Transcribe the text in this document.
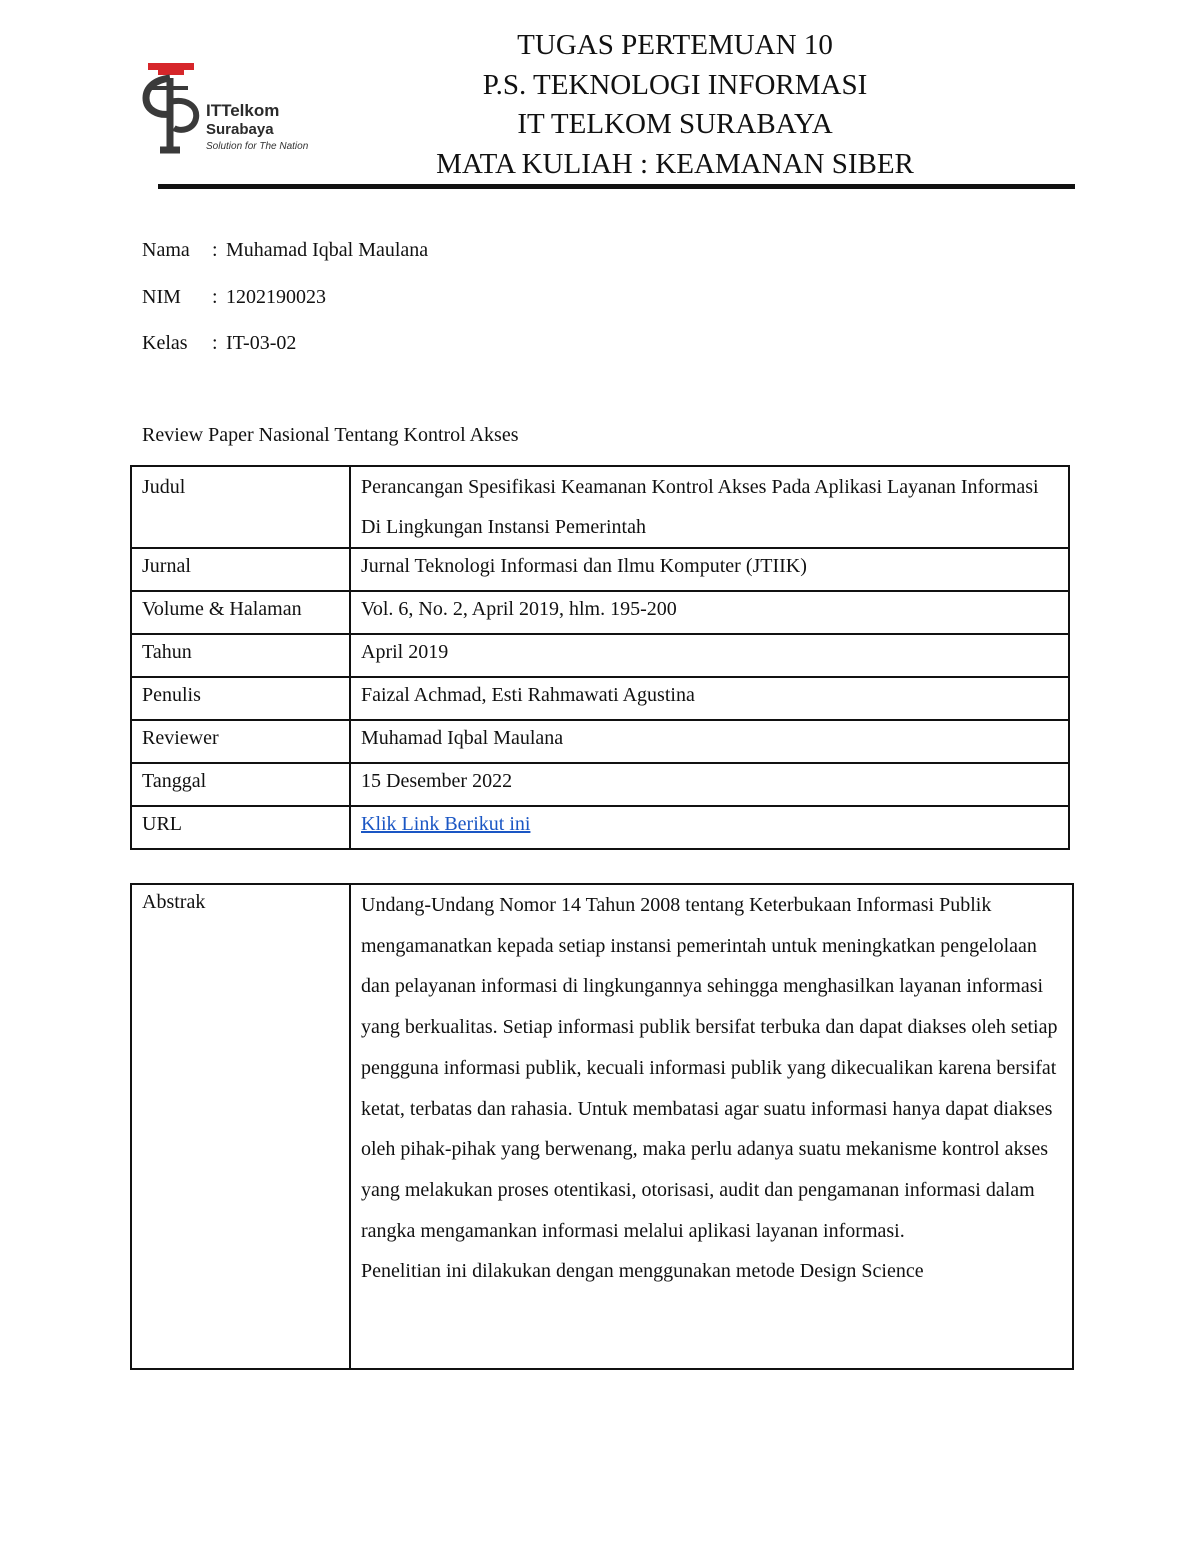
ITTelkom
Surabaya
Solution for The Nation
TUGAS PERTEMUAN 10
P.S. TEKNOLOGI INFORMASI
IT TELKOM SURABAYA
MATA KULIAH : KEAMANAN SIBER
Nama	: Muhamad Iqbal Maulana
NIM	: 1202190023
Kelas	: IT-03-02
Review Paper Nasional Tentang Kontrol Akses
Judul	Perancangan Spesifikasi Keamanan Kontrol Akses Pada Aplikasi Layanan Informasi Di Lingkungan Instansi Pemerintah
Jurnal	Jurnal Teknologi Informasi dan Ilmu Komputer (JTIIK)
Volume & Halaman	Vol. 6, No. 2, April 2019, hlm. 195-200
Tahun	April 2019
Penulis	Faizal Achmad, Esti Rahmawati Agustina
Reviewer	Muhamad Iqbal Maulana
Tanggal	15 Desember 2022
URL	Klik Link Berikut ini
Abstrak	Undang-Undang Nomor 14 Tahun 2008 tentang Keterbukaan Informasi Publik mengamanatkan kepada setiap instansi pemerintah untuk meningkatkan pengelolaan dan pelayanan informasi di lingkungannya sehingga menghasilkan layanan informasi yang berkualitas. Setiap informasi publik bersifat terbuka dan dapat diakses oleh setiap pengguna informasi publik, kecuali informasi publik yang dikecualikan karena bersifat ketat, terbatas dan rahasia. Untuk membatasi agar suatu informasi hanya dapat diakses oleh pihak-pihak yang berwenang, maka perlu adanya suatu mekanisme kontrol akses yang melakukan proses otentikasi, otorisasi, audit dan pengamanan informasi dalam rangka mengamankan informasi melalui aplikasi layanan informasi.

Penelitian ini dilakukan dengan menggunakan metode Design Science
